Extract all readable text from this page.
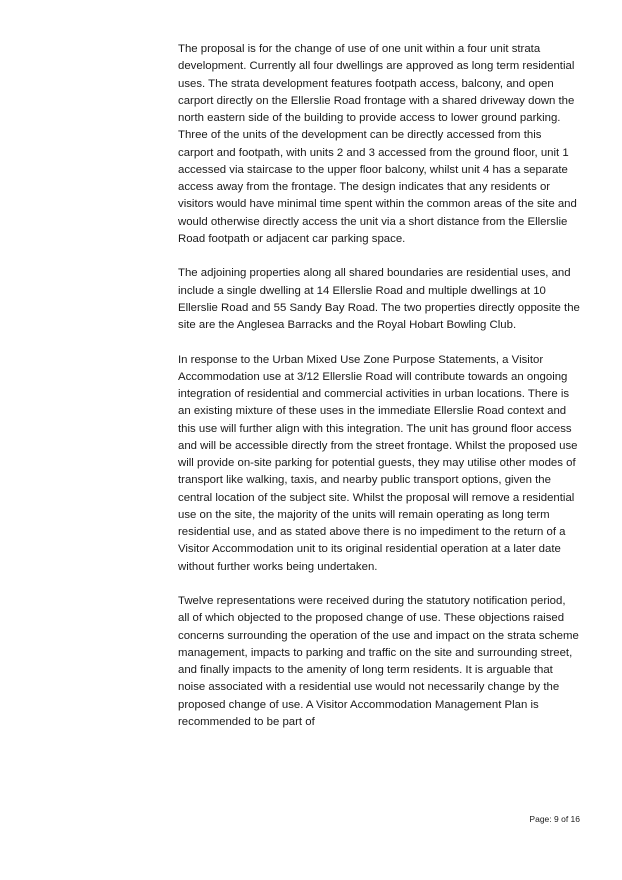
The proposal is for the change of use of one unit within a four unit strata development. Currently all four dwellings are approved as long term residential uses. The strata development features footpath access, balcony, and open carport directly on the Ellerslie Road frontage with a shared driveway down the north eastern side of the building to provide access to lower ground parking. Three of the units of the development can be directly accessed from this carport and footpath, with units 2 and 3 accessed from the ground floor, unit 1 accessed via staircase to the upper floor balcony, whilst unit 4 has a separate access away from the frontage. The design indicates that any residents or visitors would have minimal time spent within the common areas of the site and would otherwise directly access the unit via a short distance from the Ellerslie Road footpath or adjacent car parking space.

The adjoining properties along all shared boundaries are residential uses, and include a single dwelling at 14 Ellerslie Road and multiple dwellings at 10 Ellerslie Road and 55 Sandy Bay Road. The two properties directly opposite the site are the Anglesea Barracks and the Royal Hobart Bowling Club.

In response to the Urban Mixed Use Zone Purpose Statements, a Visitor Accommodation use at 3/12 Ellerslie Road will contribute towards an ongoing integration of residential and commercial activities in urban locations. There is an existing mixture of these uses in the immediate Ellerslie Road context and this use will further align with this integration. The unit has ground floor access and will be accessible directly from the street frontage. Whilst the proposed use will provide on-site parking for potential guests, they may utilise other modes of transport like walking, taxis, and nearby public transport options, given the central location of the subject site. Whilst the proposal will remove a residential use on the site, the majority of the units will remain operating as long term residential use, and as stated above there is no impediment to the return of a Visitor Accommodation unit to its original residential operation at a later date without further works being undertaken.

Twelve representations were received during the statutory notification period, all of which objected to the proposed change of use. These objections raised concerns surrounding the operation of the use and impact on the strata scheme management, impacts to parking and traffic on the site and surrounding street, and finally impacts to the amenity of long term residents. It is arguable that noise associated with a residential use would not necessarily change by the proposed change of use. A Visitor Accommodation Management Plan is recommended to be part of

Page: 9 of 16
